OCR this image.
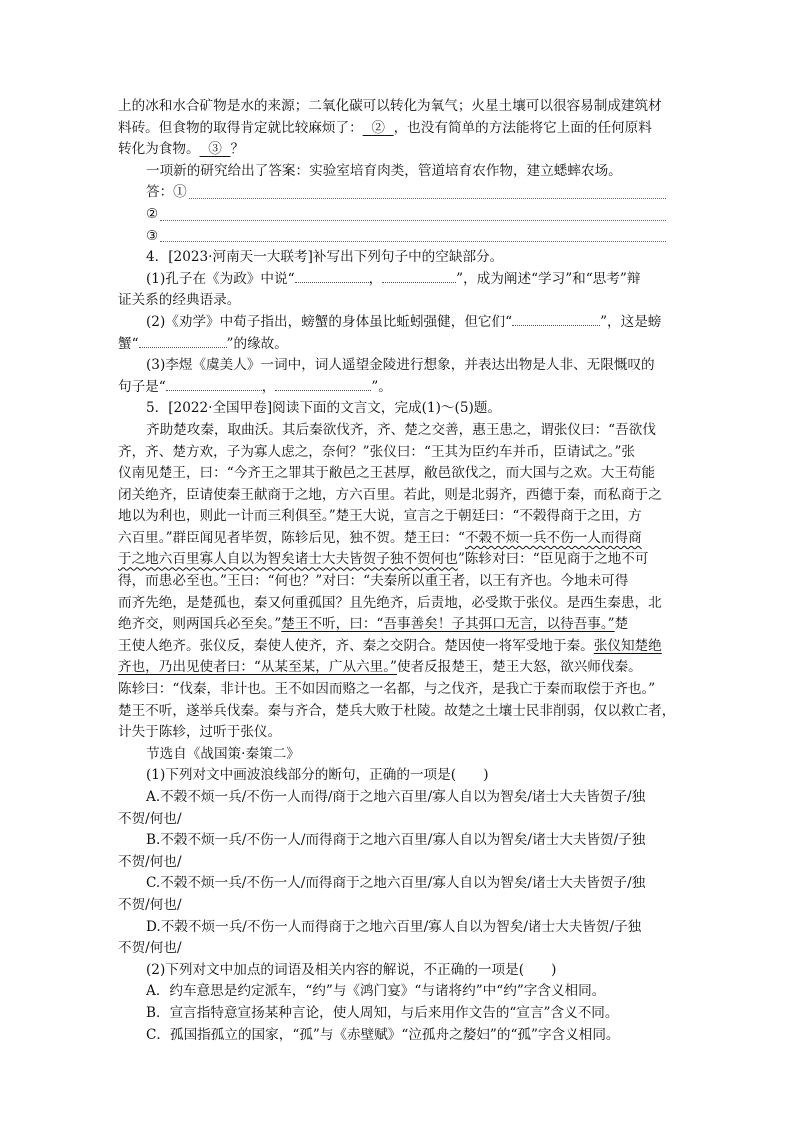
上的冰和水合矿物是水的来源；二氧化碳可以转化为氧气；火星土壤可以很容易制成建筑材

料砖。但食物的取得肯定就比较麻烦了： ② ，也没有简单的方法能将它上面的任何原料

转化为食物。 ③ ？

一项新的研究给出了答案：实验室培育肉类，管道培育农作物，建立蟋蟀农场。

答：①
②
③

4．[2023·河南天一大联考]补写出下列句子中的空缺部分。

(1)孔子在《为政》中说“	，	”，成为阐述“学习”和“思考”辩

证关系的经典语录。

(2)《劝学》中荀子指出，螃蟹的身体虽比蚯蚓强健，但它们“	”，这是螃

蟹“	”的缘故。

(3)李煜《虞美人》一词中，词人遥望金陵进行想象，并表达出物是人非、无限慨叹的

句子是“	，	”。

5．[2022·全国甲卷]阅读下面的文言文，完成(1)～(5)题。

齐助楚攻秦，取曲沃。其后秦欲伐齐，齐、楚之交善，惠王患之，谓张仪曰：“吾欲伐

齐，齐、楚方欢，子为寡人虑之，奈何？”张仪曰：“王其为臣约车并币，臣请试之。”张

仪南见楚王，曰：“今齐王之罪其于敝邑之王甚厚，敝邑欲伐之，而大国与之欢。大王苟能

闭关绝齐，臣请使秦王献商于之地，方六百里。若此，则是北弱齐，西德于秦，而私商于之

地以为利也，则此一计而三利俱至。”楚王大说，宣言之于朝廷曰：“不榖得商于之田，方

六百里。”群臣闻见者毕贺，陈轸后见，独不贺。楚王曰：“不榖不烦一兵不伤一人而得商

于之地六百里寡人自以为智矣诸士大夫皆贺子独不贺何也”陈轸对曰：“臣见商于之地不可

得，而患必至也。”王曰：“何也？”对曰：“夫秦所以重王者，以王有齐也。今地未可得

而齐先绝，是楚孤也，秦又何重孤国？且先绝齐，后责地，必受欺于张仪。是西生秦患，北

绝齐交，则两国兵必至矣。”楚王不听，曰：“吾事善矣！子其弭口无言，以待吾事。”楚

王使人绝齐。张仪反，秦使人使齐，齐、秦之交阴合。楚因使一将军受地于秦。张仪知楚绝

齐也，乃出见使者曰：“从某至某，广从六里。”使者反报楚王，楚王大怒，欲兴师伐秦。

陈轸曰：“伐秦，非计也。王不如因而赂之一名都，与之伐齐，是我亡于秦而取偿于齐也。”

楚王不听，遂举兵伐秦。秦与齐合，楚兵大败于杜陵。故楚之土壤士民非削弱，仅以救亡者，

计失于陈轸，过听于张仪。

节选自《战国策·秦策二》

(1)下列对文中画波浪线部分的断句，正确的一项是(　　)

A.不榖不烦一兵/不伤一人而得/商于之地六百里/寡人自以为智矣/诸士大夫皆贺子/独

不贺/何也/

B.不榖不烦一兵/不伤一人/而得商于之地六百里/寡人自以为智矣/诸士大夫皆贺/子独

不贺/何也/

C.不榖不烦一兵/不伤一人/而得商于之地六百里/寡人自以为智矣/诸士大夫皆贺子/独

不贺/何也/

D.不榖不烦一兵/不伤一人而得商于之地六百里/寡人自以为智矣/诸士大夫皆贺/子独

不贺/何也/

(2)下列对文中加点的词语及相关内容的解说，不正确的一项是(　　)

A．约车意思是约定派车，“约”与《鸿门宴》“与诸将约”中“约”字含义相同。

B．宣言指特意宣扬某种言论，使人周知，与后来用作文告的“宣言”含义不同。

C．孤国指孤立的国家，“孤”与《赤壁赋》“泣孤舟之嫠妇”的“孤”字含义相同。
